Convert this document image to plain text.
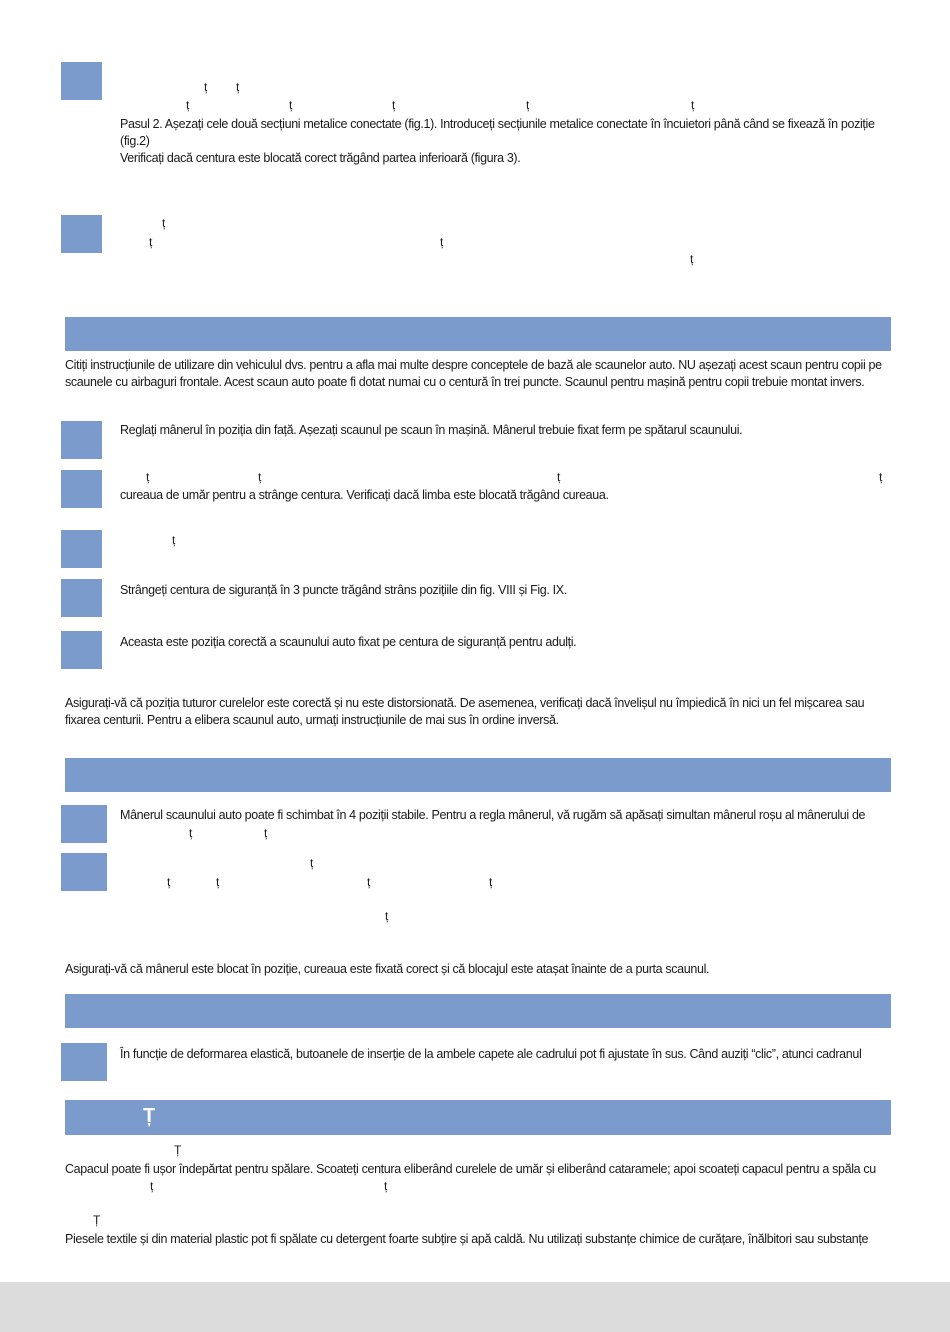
ț ț
ț	ț	ț	ț	ț
Pasul 2. Așezați cele două secțiuni metalice conectate (fig.1). Introduceți secțiunile metalice conectate în încuietori până când se fixează în poziție
(fig.2)
Verificați dacă centura este blocată corect trăgând partea inferioară (figura 3).
ț
ț	ț
ț
Citiți instrucțiunile de utilizare din vehiculul dvs. pentru a afla mai multe despre conceptele de bază ale scaunelor auto. NU așezați acest scaun pentru copii pe scaunele cu airbaguri frontale. Acest scaun auto poate fi dotat numai cu o centură în trei puncte. Scaunul pentru mașină pentru copii trebuie montat invers.
Reglați mânerul în poziția din față. Așezați scaunul pe scaun în mașină. Mânerul trebuie fixat ferm pe spătarul scaunului.
ț	ț	ț	ț
cureaua de umăr pentru a strânge centura. Verificați dacă limba este blocată trăgând cureaua.
ț
Strângeți centura de siguranță în 3 puncte trăgând strâns pozițiile din fig. VIII și Fig. IX.
Aceasta este poziția corectă a scaunului auto fixat pe centura de siguranță pentru adulți.
Asigurați-vă că poziția tuturor curelelor este corectă și nu este distorsionată. De asemenea, verificați dacă învelișul nu împiedică în nici un fel mișcarea sau fixarea centurii. Pentru a elibera scaunul auto, urmați instrucțiunile de mai sus în ordine inversă.
Mânerul scaunului auto poate fi schimbat în 4 poziții stabile. Pentru a regla mânerul, vă rugăm să apăsați simultan mânerul roșu al mânerului de
ț	ț
ț
ț	ț	ț	ț
ț
Asigurați-vă că mânerul este blocat în poziție, cureaua este fixată corect și că blocajul este atașat înainte de a purta scaunul.
În funcție de deformarea elastică, butoanele de inserție de la ambele capete ale cadrului pot fi ajustate în sus. Când auziți “clic”, atunci cadranul
Ț
Ț
Capacul poate fi ușor îndepărtat pentru spălare. Scoateți centura eliberând curelele de umăr și eliberând cataramele; apoi scoateți capacul pentru a spăla cu
ț	ț
Ț
Piesele textile și din material plastic pot fi spălate cu detergent foarte subțire și apă caldă. Nu utilizați substanțe chimice de curățare, înălbitori sau substanțe
